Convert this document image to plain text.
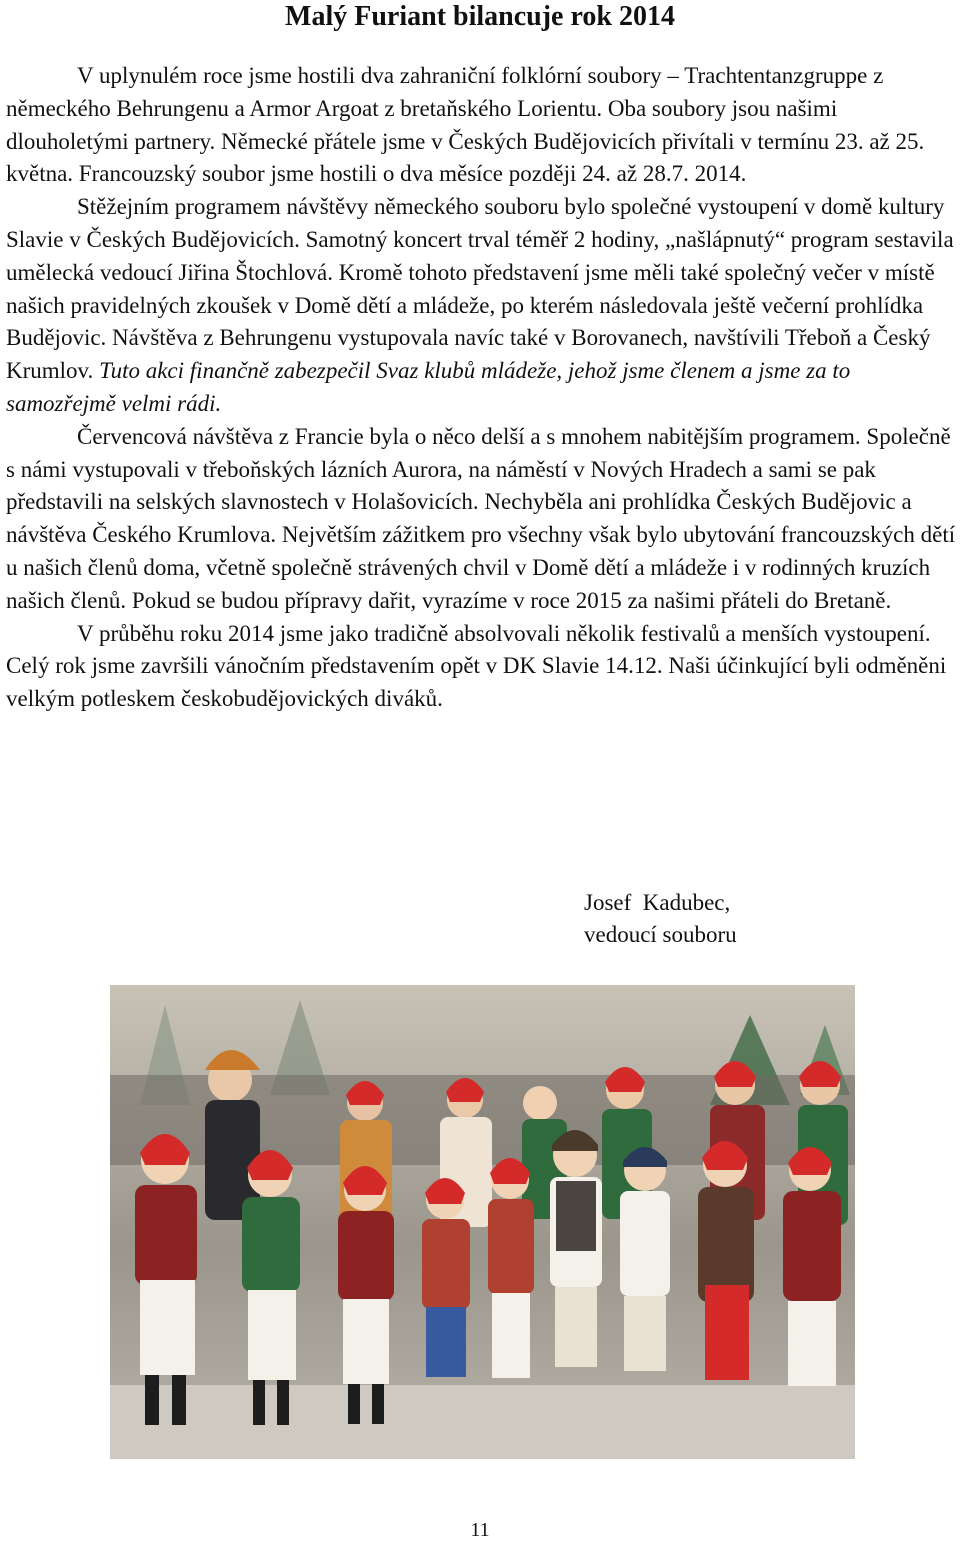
Malý Furiant bilancuje rok 2014

V uplynulém roce jsme hostili dva zahraniční folklórní soubory – Trachtentanzgruppe z německého Behrungenu a Armor Argoat z bretaňského Lorientu. Oba soubory jsou našimi dlouholetými partnery. Německé přátele jsme v Českých Budějovicích přivítali v termínu 23. až 25. května. Francouzský soubor jsme hostili o dva měsíce později 24. až 28.7. 2014.

Stěžejním programem návštěvy německého souboru bylo společné vystoupení v domě kultury Slavie v Českých Budějovicích. Samotný koncert trval téměř 2 hodiny, „našlápnutý“ program sestavila umělecká vedoucí Jiřina Štochlová. Kromě tohoto představení jsme měli také společný večer v místě našich pravidelných zkoušek v Domě dětí a mládeže, po kterém následovala ještě večerní prohlídka Budějovic. Návštěva z Behrungenu vystupovala navíc také v Borovanech, navštívili Třeboň a Český Krumlov. Tuto akci finančně zabezpečil Svaz klubů mládeže, jehož jsme členem a jsme za to samozřejmě velmi rádi.

Červencová návštěva z Francie byla o něco delší a s mnohem nabitějším programem. Společně s námi vystupovali v třeboňských lázních Aurora, na náměstí v Nových Hradech a sami se pak představili na selských slavnostech v Holašovicích. Nechyběla ani prohlídka Českých Budějovic a návštěva Českého Krumlova. Největším zážitkem pro všechny však bylo ubytování francouzských dětí u našich členů doma, včetně společně strávených chvil v Domě dětí a mládeže i v rodinných kruzích našich členů. Pokud se budou přípravy dařit, vyrazíme v roce 2015 za našimi přáteli do Bretaně.

V průběhu roku 2014 jsme jako tradičně absolvovali několik festivalů a menších vystoupení. Celý rok jsme završili vánočním představením opět v DK Slavie 14.12. Naši účinkující byli odměněni velkým potleskem českobudějovických diváků.

Josef  Kadubec,
vedoucí souboru
11
